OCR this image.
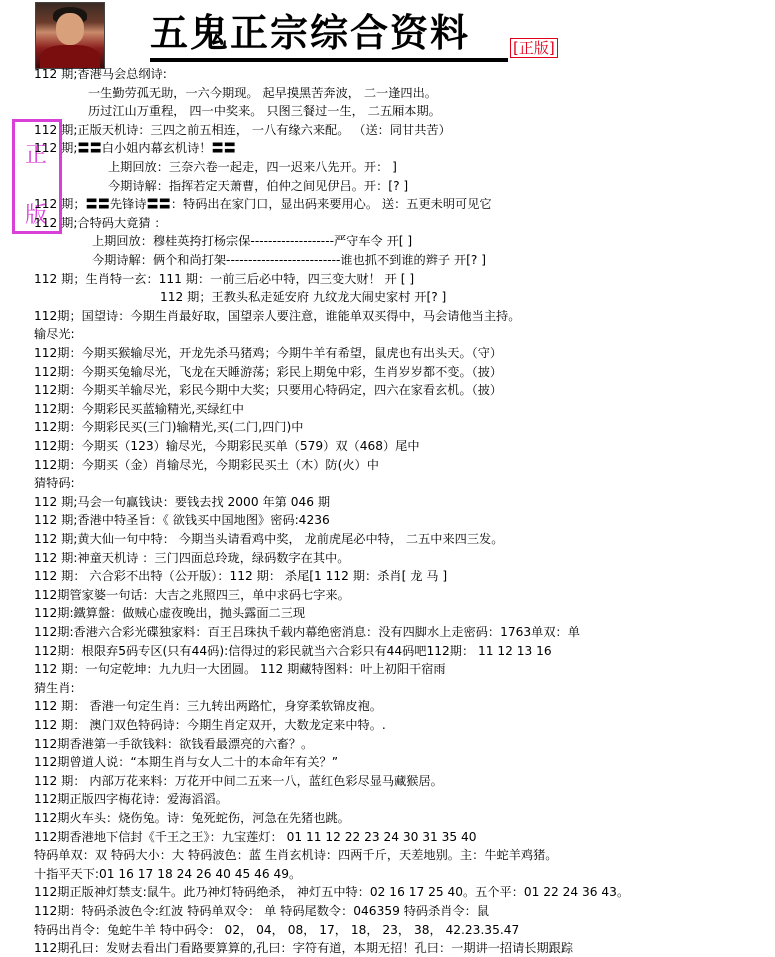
五鬼正宗综合资料	[正版]
正
版
112 期;香港马会总纲诗:
一生勤劳孤无助，一六今期现。 起早摸黑苦奔波， 二一逢四出。
历过江山万重程， 四一中奖来。 只图三餐过一生， 二五厢本期。
112 期;正版天机诗：三四之前五相连， 一八有缘六来配。 （送：同甘共苦）
112 期;〓〓白小姐内幕玄机诗！〓〓
上期回放：三奈六卷一起走，四一迟来八先开。开： ]
今期诗解：指挥若定天萧曹，伯仲之间见伊吕。开：[? ]
112 期；〓〓先锋诗〓〓：特码出在家门口，显出码来要用心。 送：五更未明可见它
112 期;合特码大竟猜 ：
上期回放：穆桂英挎打杨宗保-------------------严守车令 开[ ]
今期诗解：俩个和尚打架--------------------------谁也抓不到谁的辫子 开[? ]
112 期；生肖特一玄：111 期：一前三后必中特，四三变大财！ 开 [ ]
112 期；王教头私走延安府 九纹龙大闹史家村 开[? ]
112期；国望诗：今期生肖最好取，国望亲人要注意，谁能单双买得中，马会请他当主持。
输尽光:
112期：今期买猴输尽光，开龙先杀马猪鸡；今期牛羊有希望，鼠虎也有出头天。（守）
112期：今期买兔输尽光，飞龙在天睡游荡；彩民上期兔中彩，生肖岁岁都不变。（披）
112期：今期买羊输尽光，彩民今期中大奖；只要用心特码定，四六在家看玄机。（披）
112期：今期彩民买蓝输精光,买绿红中
112期：今期彩民买(三门)输精光,买(二门,四门)中
112期：今期买（123）输尽光，今期彩民买单（579）双（468）尾中
112期：今期买（金）肖输尽光，今期彩民买土（木）防(火）中
猜特码:
112 期;马会一句赢钱诀：要钱去找 2000 年第 046 期
112 期;香港中特圣旨：《 欲钱买中国地图》密码:4236
112 期;黄大仙一句中特： 今期当头请看鸡中奖， 龙前虎尾必中特， 二五中来四三发。
112 期:神童天机诗 ：三门四面总玲珑，绿码数字在其中。
112 期： 六合彩不出特（公开版）：112 期： 杀尾[1 112 期：杀肖[ 龙 马 ]
112期管家婆一句话：大吉之兆照四三，单中求码七字来。
112期:鐵算盤：做贼心虚夜晚出，抛头露面二三现
112期:香港六合彩光碟独家料：百王吕珠执千载内幕绝密消息：没有四脚水上走密码：1763单双：单
112期：根限弃5码专区(只有44码):信得过的彩民就当六合彩只有44码吧112期： 11 12 13 16
112 期：一句定乾坤：九九归一大团圆。 112 期藏特图料：叶上初阳干宿雨
猜生肖:
112 期： 香港一句定生肖：三九转出两路忙，身穿柔软锦皮袍。
112 期： 澳门双色特码诗：今期生肖定双开，大数龙定来中特。.
112期香港第一手欲钱料：欲钱看最漂亮的六畜？。
112期曾道人说：“本期生肖与女人二十的本命年有关？”
112 期： 内部万花来料：万花开中间二五来一八，蓝红色彩尽显马藏猴居。
112期正版四字梅花诗：爱海滔滔。
112期火车头：烧伤兔。诗：兔死蛇伤，河急在先猪也跳。
112期香港地下信封《千王之王》：九宝莲灯： 01 11 12 22 23 24 30 31 35 40
特码单双：双 特码大小：大 特码波色：蓝 生肖玄机诗：四两千斤，天差地别。主：牛蛇羊鸡猪。
十指平天下:01 16 17 18 24 26 40 45 46 49。
112期正版神灯禁支:鼠牛。此乃神灯特码绝杀， 神灯五中特：02 16 17 25 40。五个平：01 22 24 36 43。
112期：特码杀波色令:红波 特码单双令： 单 特码尾数令：046359 特码杀肖令：鼠
特码出肖令：兔蛇牛羊 特中码令： 02， 04， 08， 17， 18， 23， 38， 42.23.35.47
112期孔曰：发财去看出门看路要算算的,孔曰：字符有道，本期无招！孔曰：一期讲一招请长期跟踪
